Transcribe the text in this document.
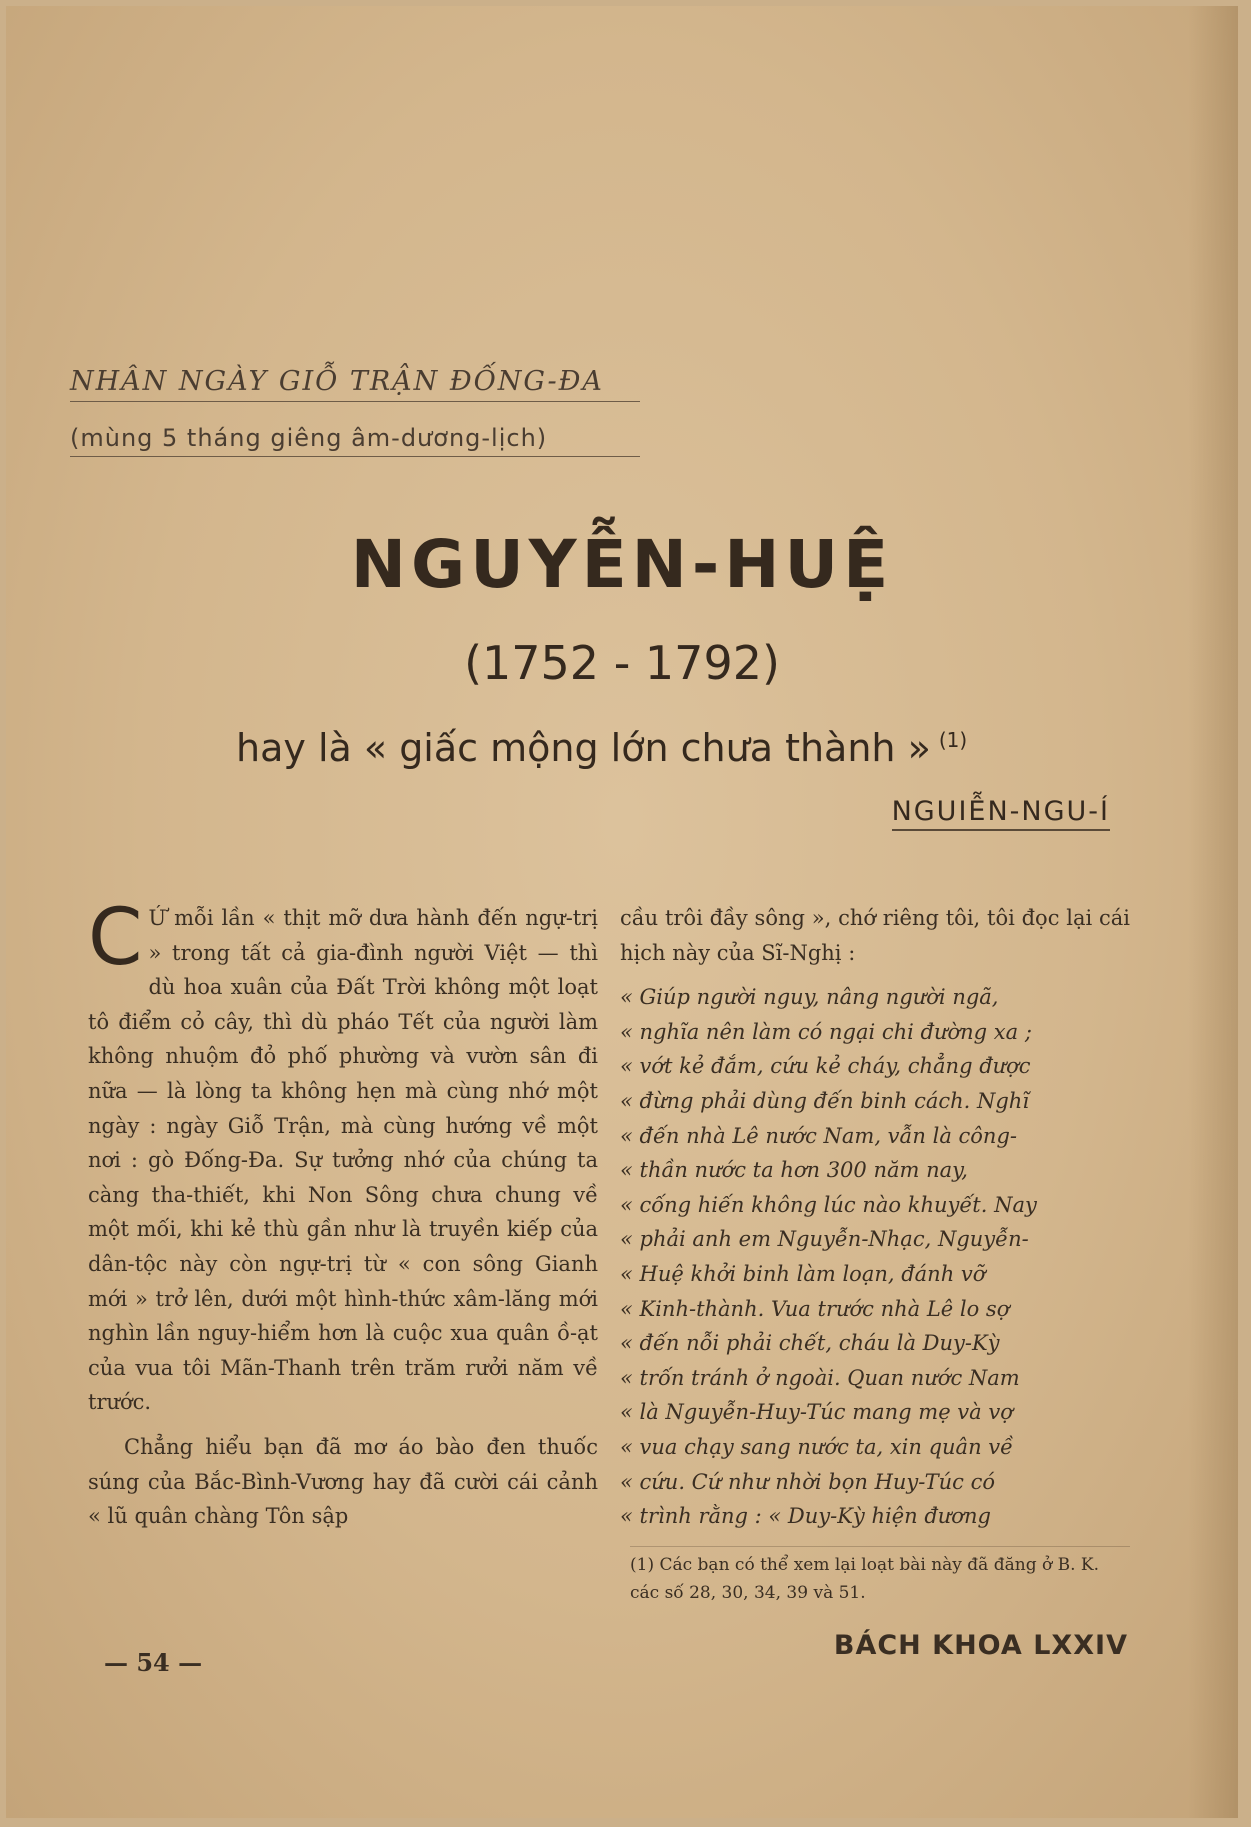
NHÂN NGÀY GIỖ TRẬN ĐỐNG-ĐA
(mùng 5 tháng giêng âm-dương-lịch)
NGUYỄN-HUỆ
(1752 - 1792)
hay là « giấc mộng lớn chưa thành » $^{(1)}$
NGUIỄN-NGU-Í

C Ứ mỗi lần « thịt mỡ dưa hành đến ngự-trị » trong tất cả gia-đình người Việt — thì dù hoa xuân của Đất Trời không một loạt tô điểm cỏ cây, thì dù pháo Tết của người làm không nhuộm đỏ phố phường và vườn sân đi nữa — là lòng ta không hẹn mà cùng nhớ một ngày : ngày Giỗ Trận, mà cùng hướng về một nơi : gò Đống-Đa. Sự tưởng nhớ của chúng ta càng tha-thiết, khi Non Sông chưa chung về một mối, khi kẻ thù gần như là truyền kiếp của dân-tộc này còn ngự-trị từ « con sông Gianh mới » trở lên, dưới một hình-thức xâm-lăng mới nghìn lần nguy-hiểm hơn là cuộc xua quân ồ-ạt của vua tôi Mãn-Thanh trên trăm rưởi năm về trước.

Chẳng hiểu bạn đã mơ áo bào đen thuốc súng của Bắc-Bình-Vương hay đã cười cái cảnh « lũ quân chàng Tôn sập

cầu trôi đầy sông », chớ riêng tôi, tôi đọc lại cái hịch này của Sĩ-Nghị :

« Giúp người nguy, nâng người ngã,
« nghĩa nên làm có ngại chi đường xa ;
« vớt kẻ đắm, cứu kẻ cháy, chẳng được
« đừng phải dùng đến binh cách. Nghĩ
« đến nhà Lê nước Nam, vẫn là công-
« thần nước ta hơn 300 năm nay,
« cống hiến không lúc nào khuyết. Nay
« phải anh em Nguyễn-Nhạc, Nguyễn-
« Huệ khởi binh làm loạn, đánh vỡ
« Kinh-thành. Vua trước nhà Lê lo sợ
« đến nỗi phải chết, cháu là Duy-Kỳ
« trốn tránh ở ngoài. Quan nước Nam
« là Nguyễn-Huy-Túc mang mẹ và vợ
« vua chạy sang nước ta, xin quân về
« cứu. Cứ như nhời bọn Huy-Túc có
« trình rằng : « Duy-Kỳ hiện đương
(1) Các bạn có thể xem lại loạt bài này đã đăng ở B. K. các số 28, 30, 34, 39 và 51.
— 54 —
BÁCH KHOA LXXIV
